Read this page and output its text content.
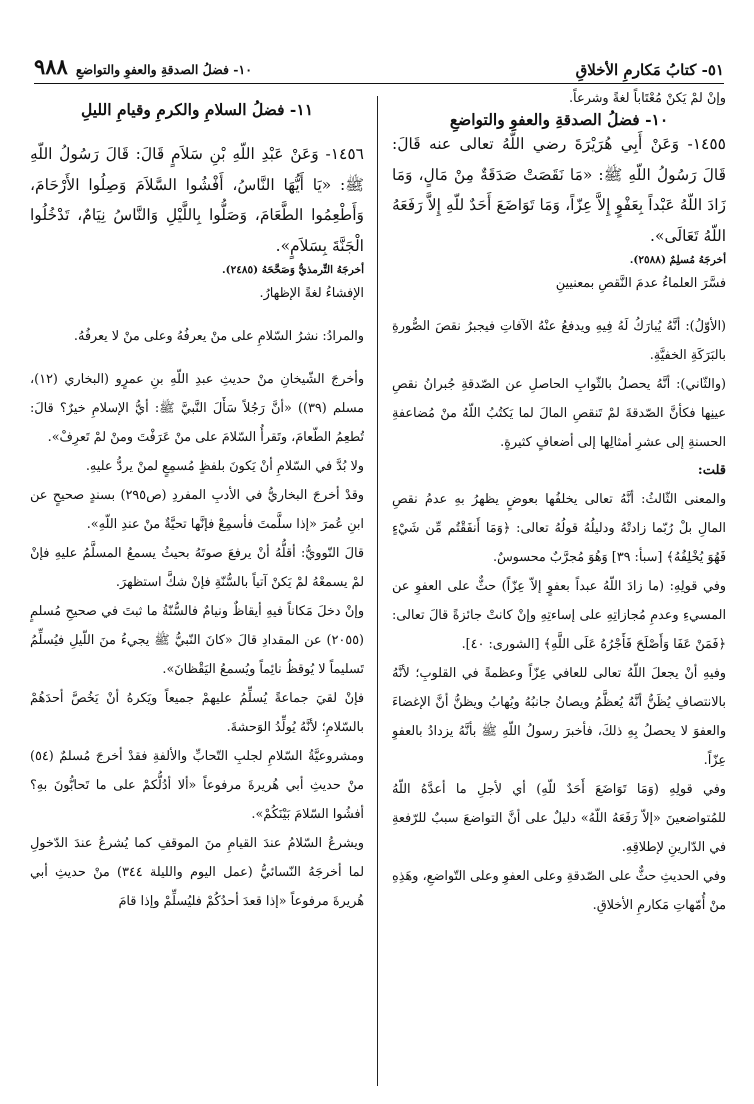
٥١- كتابُ مَكارمِ الأخلاقِ
١٠- فضلُ الصدقةِ والعفوِ والتواضعِ
٩٨٨

وإنْ لمْ يَكنْ مُعْتَاباً لغةً وشرعاً.

١٠- فضلُ الصدقةِ والعفوِ والتواضعِ

١٤٥٥- وَعَنْ أَبِي هُرَيْرَةَ رضي اللّهُ تعالى عنه قَالَ: قَالَ رَسُولُ اللّهِ ﷺ: «مَا نَقَصَتْ صَدَقَةٌ مِنْ مَالٍ، وَمَا زَادَ اللّهُ عَبْداً بِعَفْوٍ إِلاَّ عِزّاً، وَمَا تَوَاضَعَ أَحَدٌ للّهِ إِلاَّ رَفَعَهُ اللّهُ تَعَالَى».

أخرجَهُ مُسلِمٌ (٢٥٨٨).

فسَّرَ العلماءُ عدمَ النَّقصِ بمعنيينِ

(الأوّلُ): أنَّهُ يُبارَكُ لَهُ فِيهِ ويدفعُ عنْهُ الآفاتِ فيجبرُ نقصَ الصُّورةِ بالبَرَكَةِ الخفيَّةِ.

(والثّاني): أنَّهُ يحصلُ بالثّوابِ الحاصلِ عن الصّدقةِ جُبرانُ نقصِ عينِها فكأنَّ الصّدقةَ لمْ تَنقصِ المالَ لما يَكتُبُ اللّهُ منْ مُضاعفةِ الحسنةِ إلى عشرِ أمثالِها إلى أضعافٍ كثيرةٍ.

قلت:

والمعنى الثّالثُ: أنَّهُ تعالى يخلفُها بعوضٍ يظهرُ بهِ عدمُ نقصِ المالِ بلْ رُبّما زادتْهُ ودليلُهُ قولُهُ تعالى: ﴿وَمَا أَنفَقْتُم مِّن شَيْءٍ فَهُوَ يُخْلِفُهُ﴾ [سبأ: ٣٩] وَهُوَ مُجرَّبٌ محسوسٌ.

وفي قولِهِ: (ما زادَ اللّهُ عبداً بعفوٍ إلاّ عِزّاً) حثٌّ على العفوِ عن المسيءِ وعدمِ مُجازاتِهِ على إساءتِهِ وإنْ كانتْ جائزةً قالَ تعالى: ﴿فَمَنْ عَفَا وَأَصْلَحَ فَأَجْرُهُ عَلَى اللَّهِ﴾ [الشورى: ٤٠].

وفيهِ أنْ يجعلَ اللّهُ تعالى للعافي عِزّاً وعظمةً في القلوبِ؛ لأنَّهُ بالانتصافِ يُظَنُّ أنَّهُ يُعظَّمُ ويصانُ جانبُهُ ويُهابُ ويظنُّ أنَّ الإغضاءَ والعفوَ لا يحصلُ بِهِ ذلكَ، فأخبرَ رسولُ اللّهِ ﷺ بأنَّهُ يزدادُ بالعفوِ عِزّاً.

وفي قولِهِ (وَمَا تَوَاضَعَ أَحَدٌ للّهِ) أي لأجلِ ما أعدَّهُ اللّهُ للمُتواضعينَ «إلاّ رَفَعَهُ اللّهُ» دليلٌ على أنَّ التواضعَ سببٌ للرّفعةِ في الدّارينِ لإطلاقِهِ.

وفي الحديثِ حثٌّ على الصّدقةِ وعلى العفوِ وعلى التّواضعِ، وهَذِهِ منْ أُمّهاتِ مَكارمِ الأخلاقِ.

١١- فضلُ السلامِ والكرمِ وقيامِ الليلِ

١٤٥٦- وَعَنْ عَبْدِ اللّهِ بْنِ سَلاَمٍ قَالَ: قَالَ رَسُولُ اللّهِ ﷺ: «يَا أَيُّهَا النَّاسُ، أَفْشُوا السَّلاَمَ وَصِلُوا الأَرْحَامَ، وَأَطْعِمُوا الطَّعَامَ، وَصَلُّوا بِاللَّيْلِ وَالنَّاسُ نِيَامٌ، تَدْخُلُوا الْجَنَّةَ بِسَلاَمٍ».

أخرجَهُ التِّرمذيُّ وَصَحَّحَهُ (٢٤٨٥).

الإفشاءُ لغةً الإظهارُ.

والمرادُ: نشرُ السّلامِ على منْ يعرفُهُ وعلى منْ لا يعرفُهُ.

وأخرجَ الشّيخانِ منْ حديثِ عبدِ اللّهِ بنِ عمرٍو (البخاري (١٢)، مسلم (٣٩)) «أنَّ رَجُلاً سَأَلَ النَّبيَّ ﷺ: أيُّ الإسلامِ خيرٌ؟ قالَ: تُطعِمُ الطّعامَ، وتَقرأُ السّلامَ على منْ عَرَفْتَ ومنْ لمْ تَعرِفْ».

ولا بُدَّ في السّلامِ أنْ يَكونَ بلفظٍ مُسمِعٍ لمنْ يردُّ عليهِ.

وقدْ أخرجَ البخاريُّ في الأدبِ المفردِ (ص٢٩٥) بسندٍ صحيحٍ عن ابنِ عُمرَ «إذا سلَّمتَ فأسمِعْ فإنَّها تحيَّةٌ منْ عندِ اللّهِ».

قالَ النّوويُّ: أقلُّهُ أنْ يرفعَ صوتَهُ بحيثُ يسمعُ المسلَّمُ عليهِ فإنْ لمْ يسمعْهُ لمْ يَكنْ آتياً بالسُّنّةِ فإنْ شكَّ استظهرَ.

وإنْ دخلَ مَكاناً فيهِ أيقاظٌ ونيامٌ فالسُّنّةُ ما ثبتَ في صحيحِ مُسلمٍ (٢٠٥٥) عن المقدادِ قالَ «كانَ النّبيُّ ﷺ يجيءُ منَ اللّيلِ فيُسلِّمُ تَسليماً لا يُوقظُ نائِماً ويُسمعُ اليَقْظانَ».

فإنْ لقيَ جماعةً يُسلِّمُ عليهمْ جميعاً ويَكرهُ أنْ يَخُصَّ أحدَهُمْ بالسّلامِ؛ لأنَّهُ يُولِّدُ الوَحشةَ.

ومشروعيَّةُ السّلامِ لجلبِ التّحابِّ والألفةِ فقدْ أخرجَ مُسلمٌ (٥٤) منْ حديثِ أبي هُريرةَ مرفوعاً «ألا أدُلُّكمْ على ما تَحابُّونَ بهِ؟ أفشُوا السّلامَ بَيْنَكُمْ».

ويشرعُ السّلامُ عندَ القيامِ منَ الموقفِ كما يُشرعُ عندَ الدّخولِ لما أخرجَهُ النّسائيُّ (عمل اليوم والليلة ٣٤٤) منْ حديثِ أبي هُريرةَ مرفوعاً «إذا قعدَ أحدُكُمْ فليُسلِّمْ وإذا قامَ
